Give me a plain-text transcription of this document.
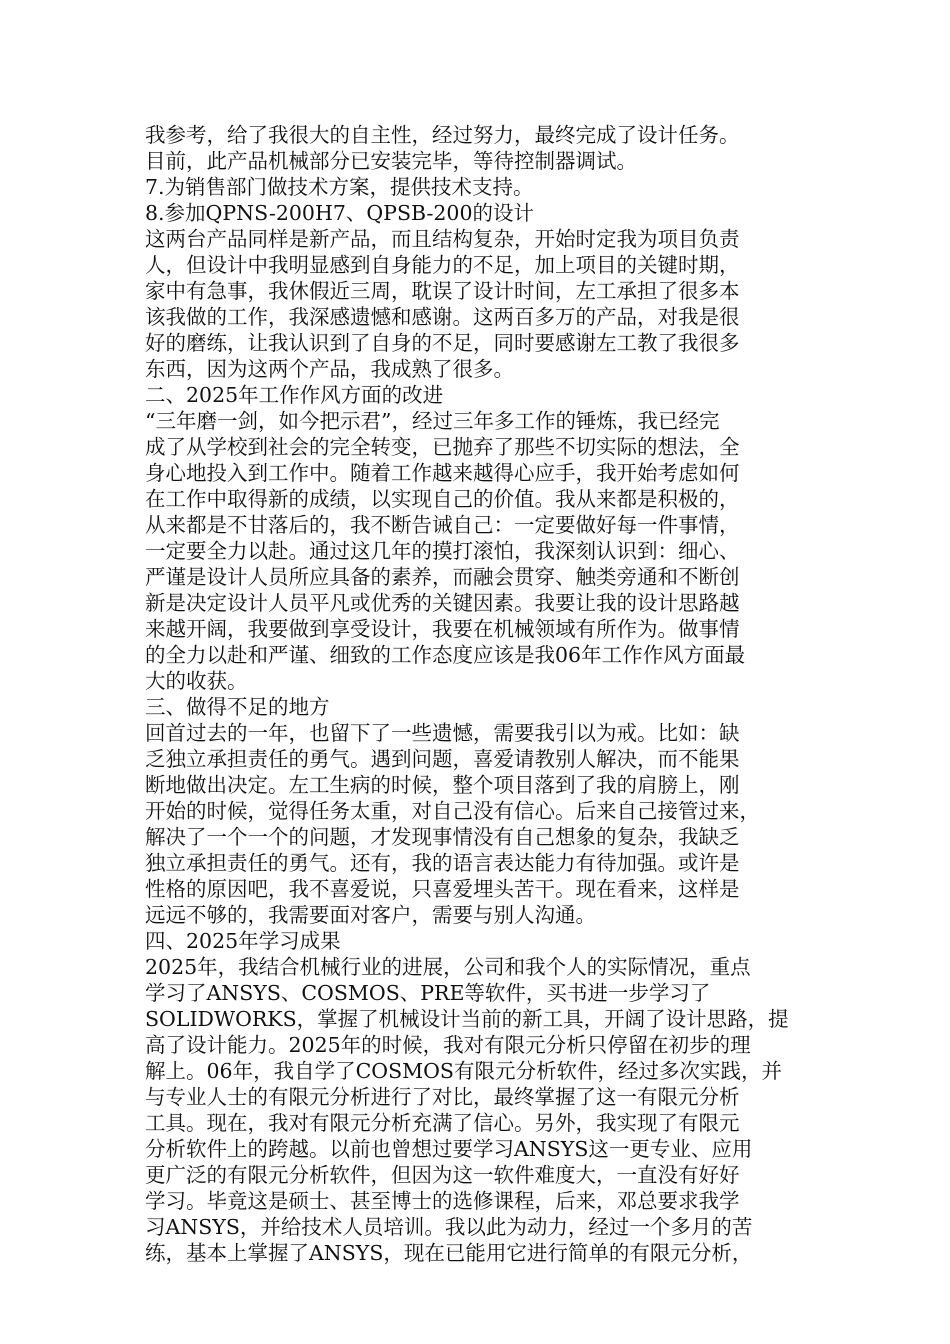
我参考，给了我很大的自主性，经过努力，最终完成了设计任务。
目前，此产品机械部分已安装完毕，等待控制器调试。
7.为销售部门做技术方案，提供技术支持。
8.参加QPNS-200H7、QPSB-200的设计
这两台产品同样是新产品，而且结构复杂，开始时定我为项目负责
人，但设计中我明显感到自身能力的不足，加上项目的关键时期，
家中有急事，我休假近三周，耽误了设计时间，左工承担了很多本
该我做的工作，我深感遗憾和感谢。这两百多万的产品，对我是很
好的磨练，让我认识到了自身的不足，同时要感谢左工教了我很多
东西，因为这两个产品，我成熟了很多。
二、2025年工作作风方面的改进
“三年磨一剑，如今把示君”，经过三年多工作的锤炼，我已经完
成了从学校到社会的完全转变，已抛弃了那些不切实际的想法，全
身心地投入到工作中。随着工作越来越得心应手，我开始考虑如何
在工作中取得新的成绩，以实现自己的价值。我从来都是积极的，
从来都是不甘落后的，我不断告诫自己：一定要做好每一件事情，
一定要全力以赴。通过这几年的摸打滚怕，我深刻认识到：细心、
严谨是设计人员所应具备的素养，而融会贯穿、触类旁通和不断创
新是决定设计人员平凡或优秀的关键因素。我要让我的设计思路越
来越开阔，我要做到享受设计，我要在机械领域有所作为。做事情
的全力以赴和严谨、细致的工作态度应该是我06年工作作风方面最
大的收获。
三、做得不足的地方
回首过去的一年，也留下了一些遗憾，需要我引以为戒。比如：缺
乏独立承担责任的勇气。遇到问题，喜爱请教别人解决，而不能果
断地做出决定。左工生病的时候，整个项目落到了我的肩膀上，刚
开始的时候，觉得任务太重，对自己没有信心。后来自己接管过来，
解决了一个一个的问题，才发现事情没有自己想象的复杂，我缺乏
独立承担责任的勇气。还有，我的语言表达能力有待加强。或许是
性格的原因吧，我不喜爱说，只喜爱埋头苦干。现在看来，这样是
远远不够的，我需要面对客户，需要与别人沟通。
四、2025年学习成果
2025年，我结合机械行业的进展，公司和我个人的实际情况，重点
学习了ANSYS、COSMOS、PRE等软件，买书进一步学习了
SOLIDWORKS，掌握了机械设计当前的新工具，开阔了设计思路，提
高了设计能力。2025年的时候，我对有限元分析只停留在初步的理
解上。06年，我自学了COSMOS有限元分析软件，经过多次实践，并
与专业人士的有限元分析进行了对比，最终掌握了这一有限元分析
工具。现在，我对有限元分析充满了信心。另外，我实现了有限元
分析软件上的跨越。以前也曾想过要学习ANSYS这一更专业、应用
更广泛的有限元分析软件，但因为这一软件难度大，一直没有好好
学习。毕竟这是硕士、甚至博士的选修课程，后来，邓总要求我学
习ANSYS，并给技术人员培训。我以此为动力，经过一个多月的苦
练，基本上掌握了ANSYS，现在已能用它进行简单的有限元分析，
